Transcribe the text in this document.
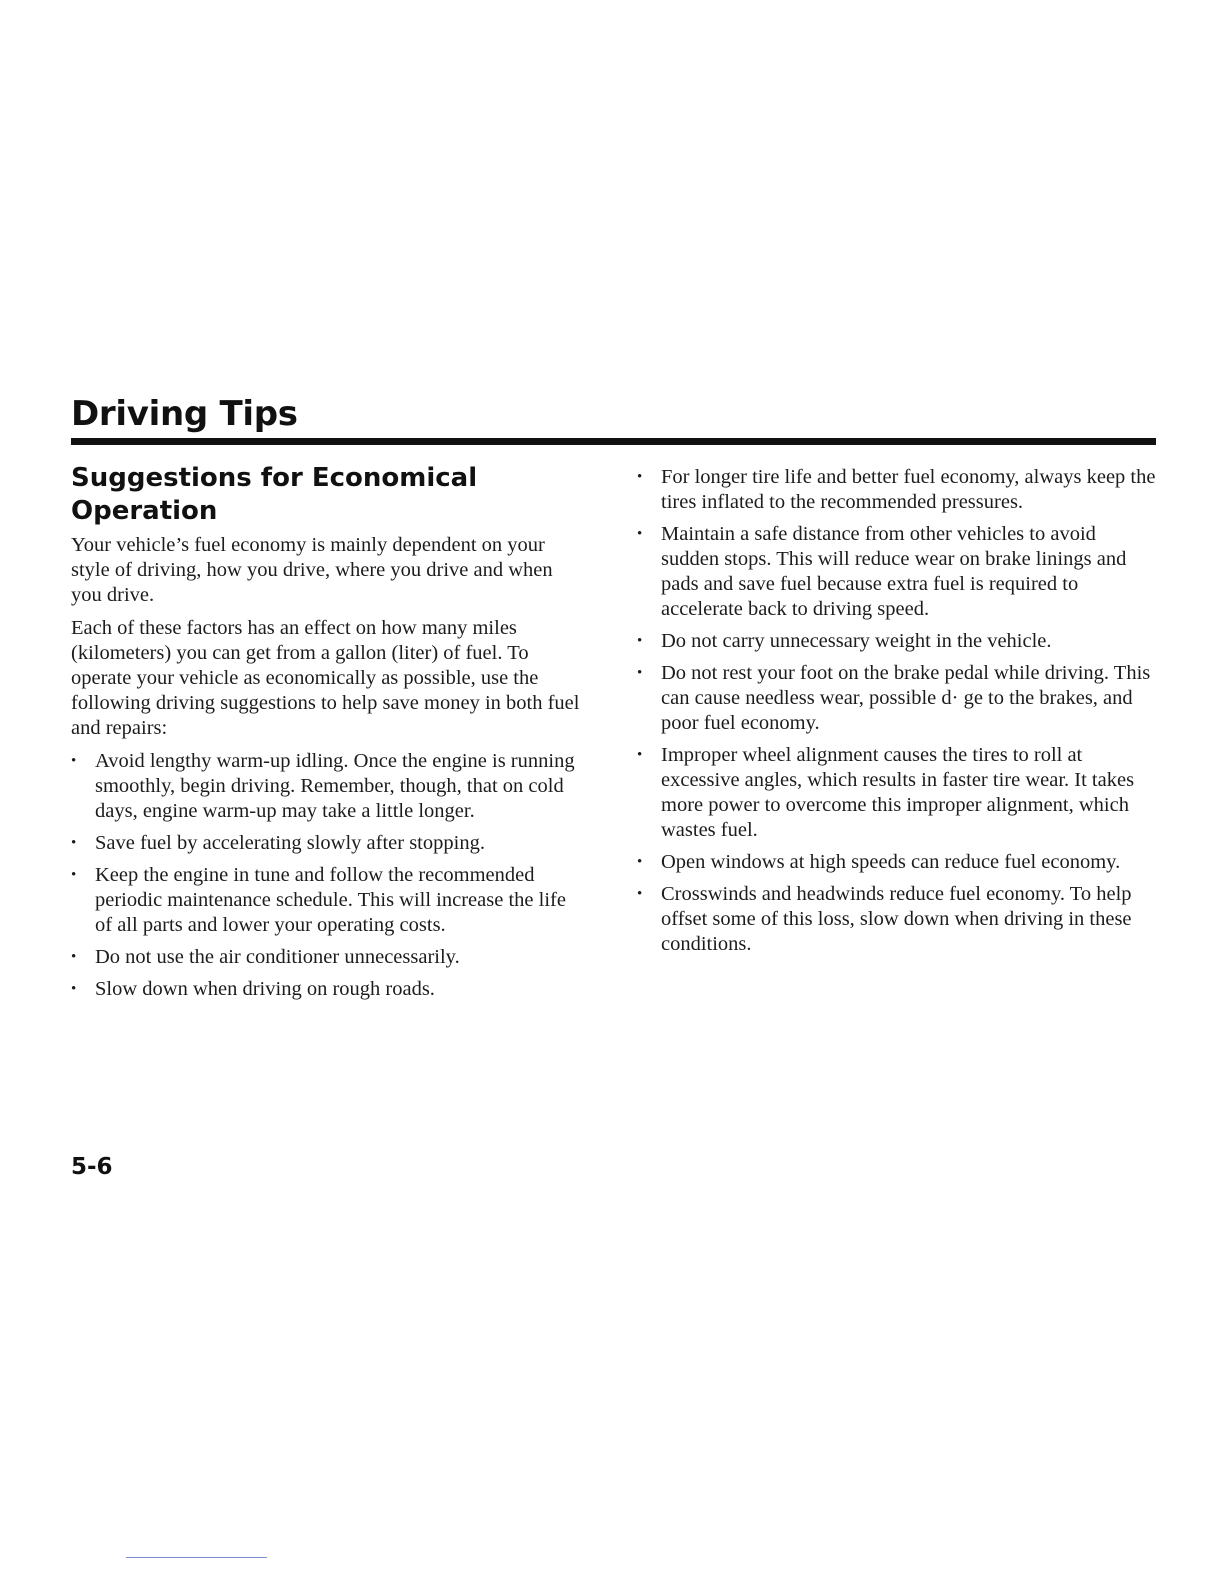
Driving Tips
Suggestions for Economical Operation

Your vehicle’s fuel economy is mainly dependent on your style of driving, how you drive, where you drive and when you drive.

Each of these factors has an effect on how many miles (kilometers) you can get from a gallon (liter) of fuel. To operate your vehicle as economically as possible, use the following driving suggestions to help save money in both fuel and repairs:

• Avoid lengthy warm-up idling. Once the engine is running smoothly, begin driving. Remember, though, that on cold days, engine warm-up may take a little longer.
• Save fuel by accelerating slowly after stopping.
• Keep the engine in tune and follow the recommended periodic maintenance schedule. This will increase the life of all parts and lower your operating costs.
• Do not use the air conditioner unnecessarily.
• Slow down when driving on rough roads.
• For longer tire life and better fuel economy, always keep the tires inflated to the recommended pressures.
• Maintain a safe distance from other vehicles to avoid sudden stops. This will reduce wear on brake linings and pads and save fuel because extra fuel is required to accelerate back to driving speed.
• Do not carry unnecessary weight in the vehicle.
• Do not rest your foot on the brake pedal while driving. This can cause needless wear, possible d· ge to the brakes, and poor fuel economy.
• Improper wheel alignment causes the tires to roll at excessive angles, which results in faster tire wear. It takes more power to overcome this improper alignment, which wastes fuel.
• Open windows at high speeds can reduce fuel economy.
• Crosswinds and headwinds reduce fuel economy. To help offset some of this loss, slow down when driving in these conditions.
5-6
